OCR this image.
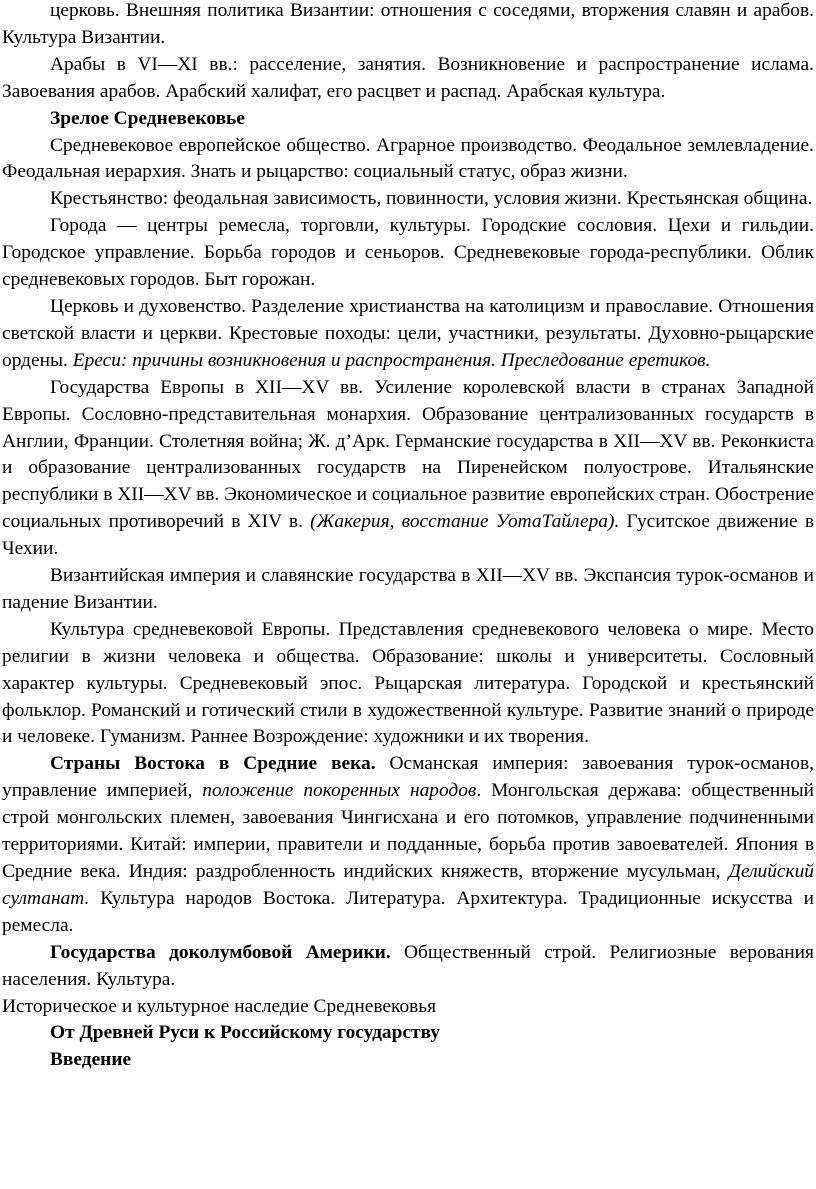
церковь. Внешняя политика Византии: отношения с соседями, вторжения славян и арабов. Культура Византии.

Арабы в VI—XI вв.: расселение, занятия. Возникновение и распространение ислама. Завоевания арабов. Арабский халифат, его расцвет и распад. Арабская культура.

Зрелое Средневековье

Средневековое европейское общество. Аграрное производство. Феодальное землевладение. Феодальная иерархия. Знать и рыцарство: социальный статус, образ жизни.

Крестьянство: феодальная зависимость, повинности, условия жизни. Крестьянская община.

Города — центры ремесла, торговли, культуры. Городские сословия. Цехи и гильдии. Городское управление. Борьба городов и сеньоров. Средневековые города-республики. Облик средневековых городов. Быт горожан.

Церковь и духовенство. Разделение христианства на католицизм и православие. Отношения светской власти и церкви. Крестовые походы: цели, участники, результаты. Духовно-рыцарские ордены. Ереси: причины возникновения и распространения. Преследование еретиков.

Государства Европы в XII—XV вв. Усиление королевской власти в странах Западной Европы. Сословно-представительная монархия. Образование централизованных государств в Англии, Франции. Столетняя война; Ж. д’Арк. Германские государства в XII—XV вв. Реконкиста и образование централизованных государств на Пиренейском полуострове. Итальянские республики в XII—XV вв. Экономическое и социальное развитие европейских стран. Обострение социальных противоречий в XIV в. (Жакерия, восстание УотаТайлера). Гуситское движение в Чехии.

Византийская империя и славянские государства в XII—XV вв. Экспансия турок-османов и падение Византии.

Культура средневековой Европы. Представления средневекового человека о мире. Место религии в жизни человека и общества. Образование: школы и университеты. Сословный характер культуры. Средневековый эпос. Рыцарская литература. Городской и крестьянский фольклор. Романский и готический стили в художественной культуре. Развитие знаний о природе и человеке. Гуманизм. Раннее Возрождение: художники и их творения.

Страны Востока в Средние века. Османская империя: завоевания турок-османов, управление империей, положение покоренных народов. Монгольская держава: общественный строй монгольских племен, завоевания Чингисхана и его потомков, управление подчиненными территориями. Китай: империи, правители и подданные, борьба против завоевателей. Япония в Средние века. Индия: раздробленность индийских княжеств, вторжение мусульман, Делийский султанат. Культура народов Востока. Литература. Архитектура. Традиционные искусства и ремесла.

Государства доколумбовой Америки. Общественный строй. Религиозные верования населения. Культура.

Историческое и культурное наследие Средневековья

От Древней Руси к Российскому государству

Введение
